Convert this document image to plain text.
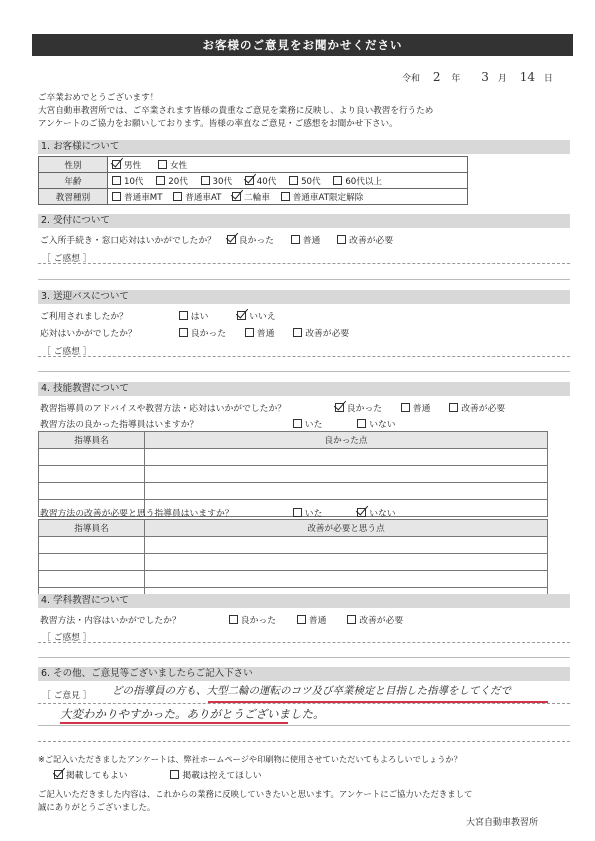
お客様のご意見をお聞かせください
令和 2 年 3 月 14 日
ご卒業おめでとうございます！
大宮自動車教習所では、ご卒業されます皆様の貴重なご意見を業務に反映し、より良い教習を行うため
アンケートのご協力をお願いしております。皆様の率直なご意見・ご感想をお聞かせ下さい。
1. お客様について
性別	男性 女性
年齢	10代 20代 30代 40代 50代 60代以上
教習種別	普通車MT 普通車AT 二輪車 普通車AT限定解除
2. 受付について
ご入所手続き・窓口応対はいかがでしたか？	良かった	普通	改善が必要
［ ご感想 ］
3. 送迎バスについて
ご利用されましたか？	はい	いいえ
応対はいかがでしたか？	良かった	普通	改善が必要
［ ご感想 ］
4. 技能教習について
教習指導員のアドバイスや教習方法・応対はいかがでしたか？	良かった	普通	改善が必要
教習方法の良かった指導員はいますか？	いた	いない
指導員名	良かった点

教習方法の改善が必要と思う指導員はいますか？	いた	いない
指導員名	改善が必要と思う点

4. 学科教習について
教習方法・内容はいかがでしたか？	良かった	普通	改善が必要
［ ご感想 ］
6. その他、ご意見等ございましたらご記入下さい
［ ご意見 ］ どの指導員の方も、大型二輪の運転のコツ及び卒業検定と目指した指導をしてくだで
大変わかりやすかった。ありがとうございました。
※ご記入いただきましたアンケートは、弊社ホームページや印刷物に使用させていただいてもよろしいでしょうか？
掲載してもよい	掲載は控えてほしい
ご記入いただきました内容は、これからの業務に反映していきたいと思います。アンケートにご協力いただきまして
誠にありがとうございました。
大宮自動車教習所
